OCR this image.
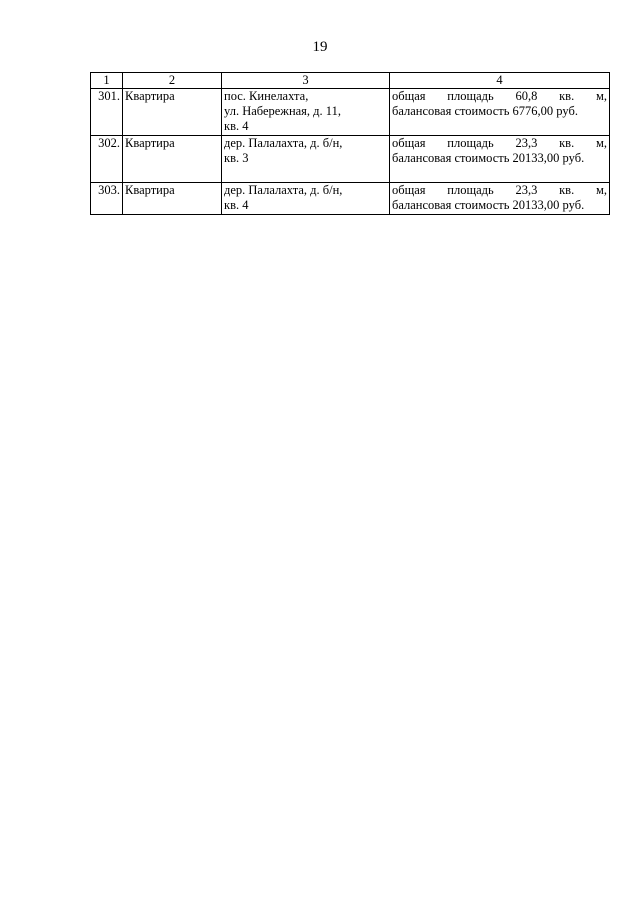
19
1	2	3	4
301.	Квартира	пос. Кинелахта,
ул. Набережная, д. 11,
кв. 4	общая площадь 60,8 кв. м,
балансовая стоимость 6776,00 руб.

302.	Квартира	дер. Палалахта, д. б/н,
кв. 3	общая площадь 23,3 кв. м,
балансовая стоимость 20133,00 руб.

303.	Квартира	дер. Палалахта, д. б/н,
кв. 4	общая площадь 23,3 кв. м,
балансовая стоимость 20133,00 руб.
